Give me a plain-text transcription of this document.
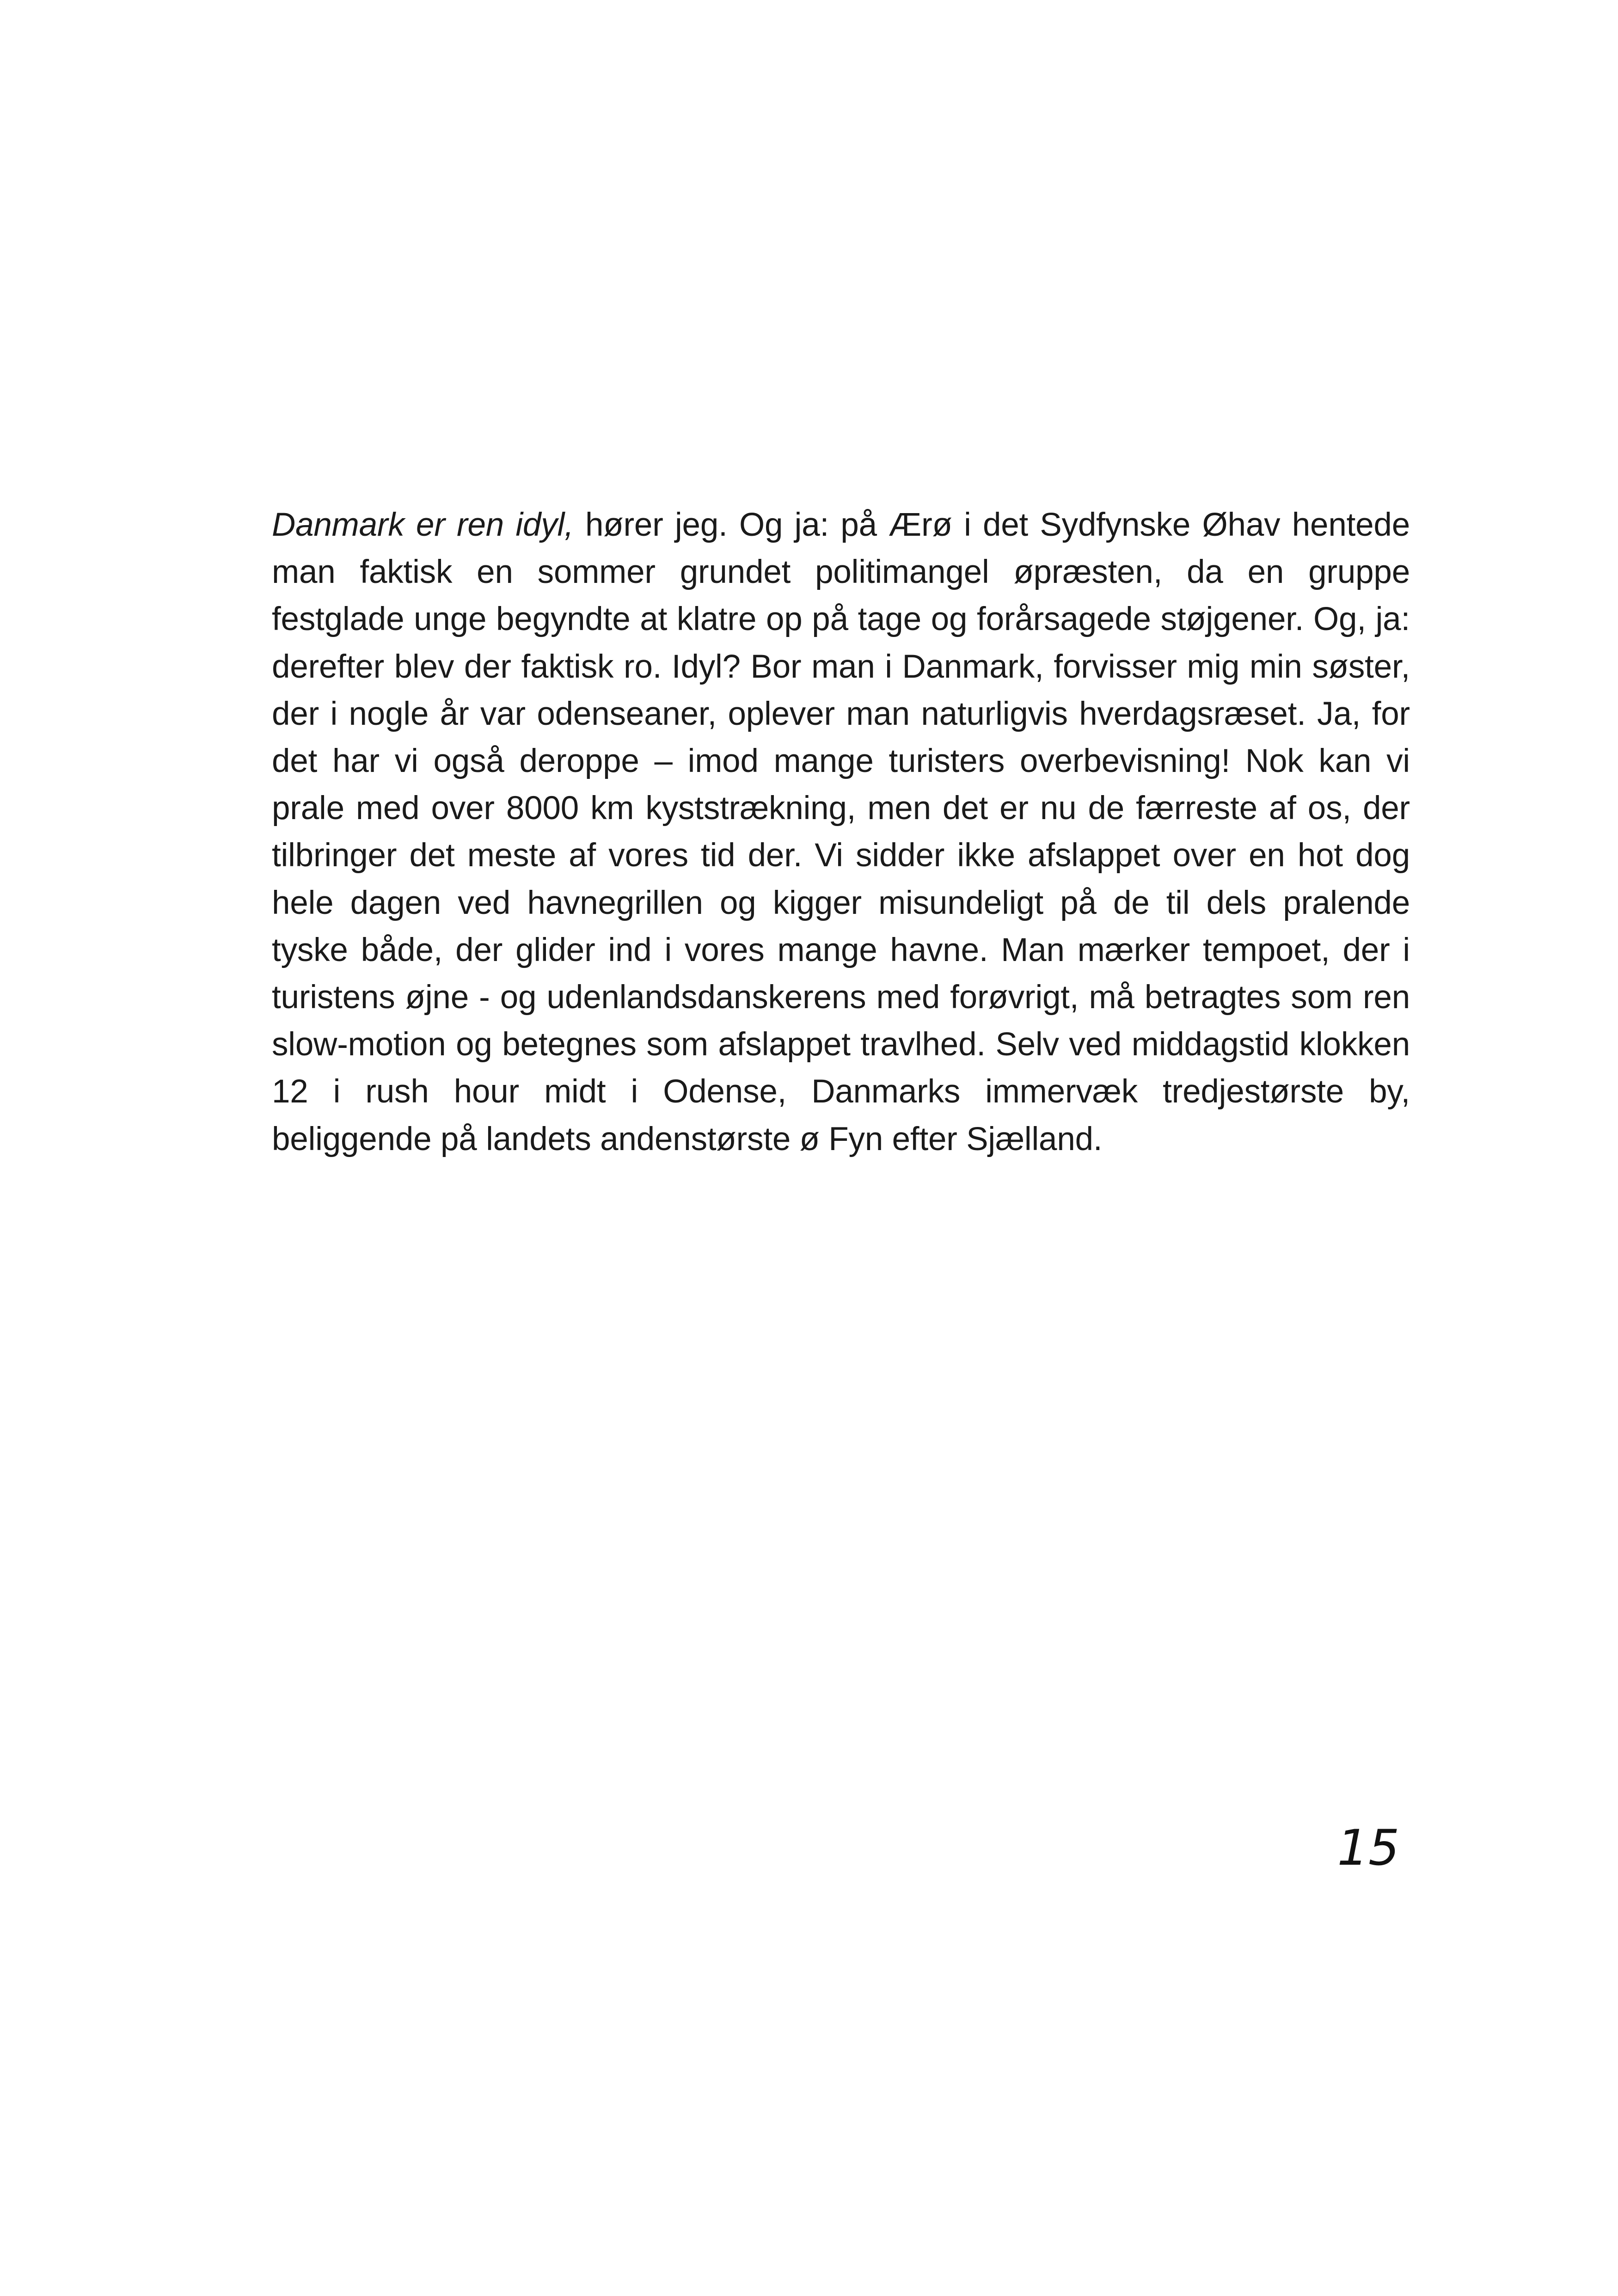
Danmark er ren idyl, hører jeg. Og ja: på Ærø i det Sydfynske Øhav hentede man faktisk en sommer grundet politimangel øpræsten, da en gruppe festglade unge begyndte at klatre op på tage og forårsagede støjgener. Og, ja: derefter blev der faktisk ro. Idyl? Bor man i Danmark, forvisser mig min søster, der i nogle år var odenseaner, oplever man naturligvis hverdagsræset. Ja, for det har vi også deroppe – imod mange turisters overbevisning! Nok kan vi prale med over 8000 km kyststrækning, men det er nu de færreste af os, der tilbringer det meste af vores tid der. Vi sidder ikke afslappet over en hot dog hele dagen ved havnegrillen og kigger misundeligt på de til dels pralende tyske både, der glider ind i vores mange havne. Man mærker tempoet, der i turistens øjne - og udenlandsdanskerens med forøvrigt, må betragtes som ren slow-motion og betegnes som afslappet travlhed. Selv ved middagstid klokken 12 i rush hour midt i Odense, Danmarks immervæk tredjestørste by, beliggende på landets andenstørste ø Fyn efter Sjælland.

15
